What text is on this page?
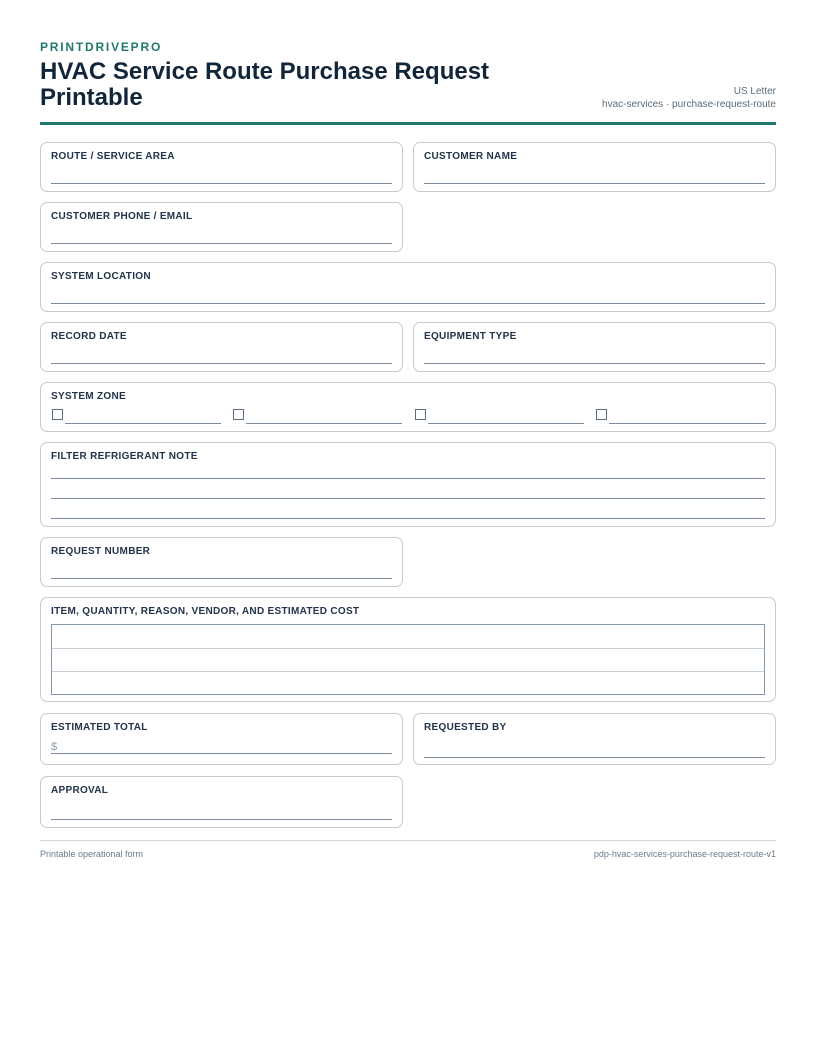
PRINTDRIVEPRO
HVAC Service Route Purchase Request Printable	US Letter
hvac-services · purchase-request-route
ROUTE / SERVICE AREA	CUSTOMER NAME
CUSTOMER PHONE / EMAIL
SYSTEM LOCATION
RECORD DATE	EQUIPMENT TYPE
SYSTEM ZONE
FILTER REFRIGERANT NOTE
REQUEST NUMBER
ITEM, QUANTITY, REASON, VENDOR, AND ESTIMATED COST
ESTIMATED TOTAL
$
REQUESTED BY
APPROVAL
Printable operational form	pdp-hvac-services-purchase-request-route-v1
